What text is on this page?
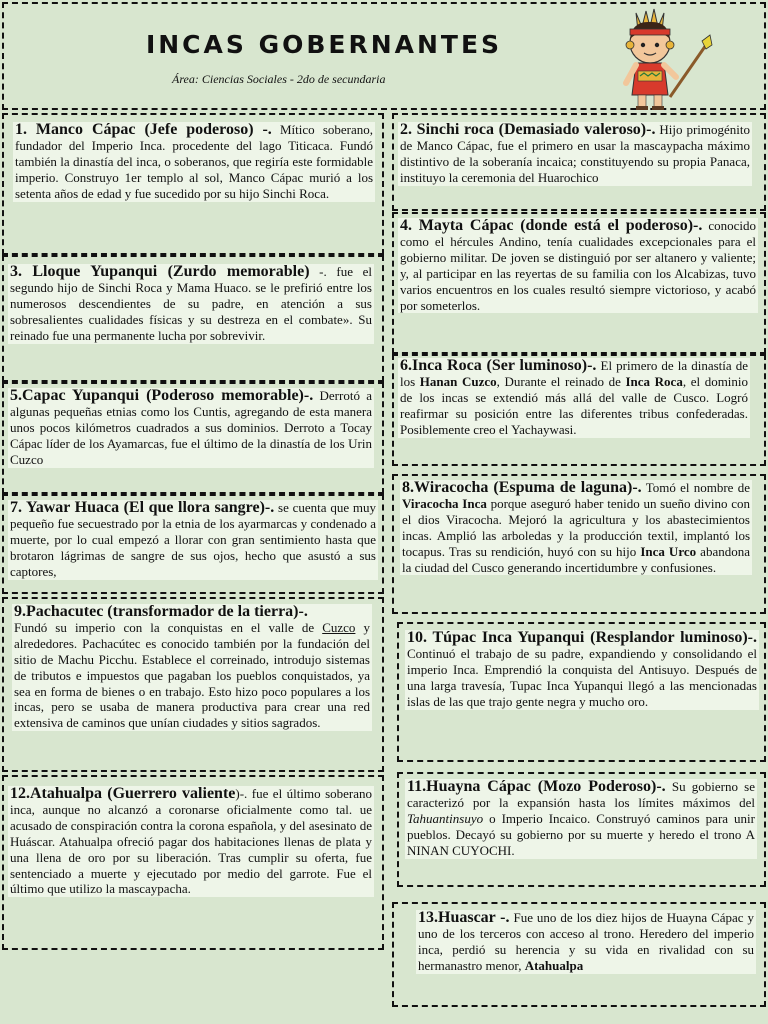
INCAS GOBERNANTES
Área: Ciencias Sociales - 2do de secundaria
1. Manco Cápac (Jefe poderoso) -. Mítico soberano, fundador del Imperio Inca. procedente del lago Titicaca. Fundó también la dinastía del inca, o soberanos, que regiría este formidable imperio. Construyo 1er templo al sol, Manco Cápac murió a los setenta años de edad y fue sucedido por su hijo Sinchi Roca.
3. Lloque Yupanqui (Zurdo memorable) -. fue el segundo hijo de Sinchi Roca y Mama Huaco. se le prefirió entre los numerosos descendientes de su padre, en atención a sus sobresalientes cualidades físicas y su destreza en el combate». Su reinado fue una permanente lucha por sobrevivir.
5.Capac Yupanqui (Poderoso memorable)-. Derrotó a algunas pequeñas etnias como los Cuntis, agregando de esta manera unos pocos kilómetros cuadrados a sus dominios. Derroto a Tocay Cápac líder de los Ayamarcas, fue el último de la dinastía de los Urin Cuzco
7. Yawar Huaca (El que llora sangre)-. se cuenta que muy pequeño fue secuestrado por la etnia de los ayarmarcas y condenado a muerte, por lo cual empezó a llorar con gran sentimiento hasta que brotaron lágrimas de sangre de sus ojos, hecho que asustó a sus captores,
9.Pachacutec (transformador de la tierra)-.
Fundó su imperio con la conquistas en el valle de Cuzco y alrededores. Pachacútec es conocido también por la fundación del sitio de Machu Picchu. Establece el correinado, introdujo sistemas de tributos e impuestos que pagaban los pueblos conquistados, ya sea en forma de bienes o en trabajo. Esto hizo poco populares a los incas, pero se usaba de manera productiva para crear una red extensiva de caminos que unían ciudades y sitios sagrados.
12.Atahualpa (Guerrero valiente)-. fue el último soberano inca, aunque no alcanzó a coronarse oficialmente como tal. ue acusado de conspiración contra la corona española, y del asesinato de Huáscar. Atahualpa ofreció pagar dos habitaciones llenas de plata y una llena de oro por su liberación. Tras cumplir su oferta, fue sentenciado a muerte y ejecutado por medio del garrote. Fue el último que utilizo la mascaypacha.
2. Sinchi roca (Demasiado valeroso)-. Hijo primogénito de Manco Cápac, fue el primero en usar la mascaypacha máximo distintivo de la soberanía incaica; constituyendo su propia Panaca, instituyo la ceremonia del Huarochico
4. Mayta Cápac (donde está el poderoso)-. conocido como el hércules Andino, tenía cualidades excepcionales para el gobierno militar. De joven se distinguió por ser altanero y valiente; y, al participar en las reyertas de su familia con los Alcabizas, tuvo varios encuentros en los cuales resultó siempre victorioso, y acabó por someterlos.
6.Inca Roca (Ser luminoso)-. El primero de la dinastía de los Hanan Cuzco, Durante el reinado de Inca Roca, el dominio de los incas se extendió más allá del valle de Cusco. Logró reafirmar su posición entre las diferentes tribus confederadas. Posiblemente creo el Yachaywasi.
8.Wiracocha (Espuma de laguna)-. Tomó el nombre de Viracocha Inca porque aseguró haber tenido un sueño divino con el dios Viracocha. Mejoró la agricultura y los abastecimientos incas. Amplió las arboledas y la producción textil, implantó los tocapus. Tras su rendición, huyó con su hijo Inca Urco abandona la ciudad del Cusco generando incertidumbre y confusiones.
10. Túpac Inca Yupanqui (Resplandor luminoso)-. Continuó el trabajo de su padre, expandiendo y consolidando el imperio Inca. Emprendió la conquista del Antisuyo. Después de una larga travesía, Tupac Inca Yupanqui llegó a las mencionadas islas de las que trajo gente negra y mucho oro.
11.Huayna Cápac (Mozo Poderoso)-. Su gobierno se caracterizó por la expansión hasta los límites máximos del Tahuantinsuyo o Imperio Incaico. Construyó caminos para unir pueblos. Decayó su gobierno por su muerte y heredo el trono A NINAN CUYOCHI.
13.Huascar -. Fue uno de los diez hijos de Huayna Cápac y uno de los terceros con acceso al trono. Heredero del imperio inca, perdió su herencia y su vida en rivalidad con su hermanastro menor, Atahualpa
